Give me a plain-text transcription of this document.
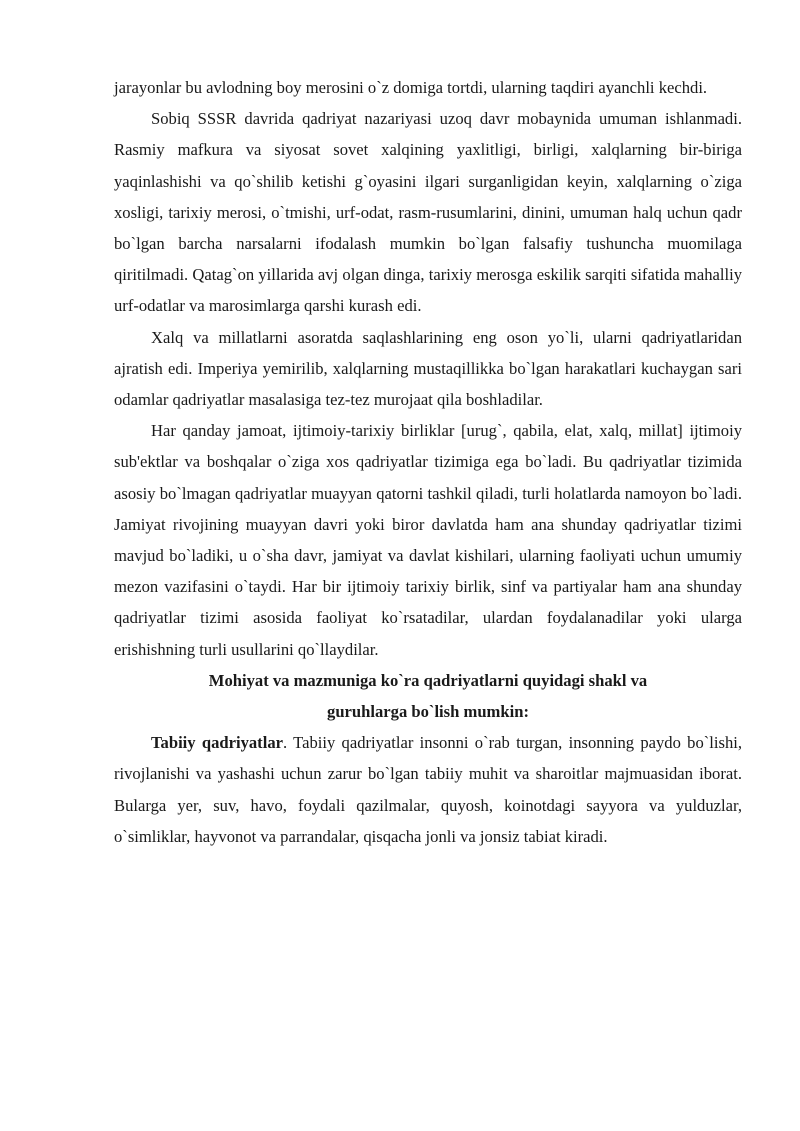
jarayonlar bu avlodning boy merosini o`z domiga tortdi, ularning taqdiri ayanchli kechdi.

Sobiq SSSR davrida qadriyat nazariyasi uzoq davr mobaynida umuman ishlanmadi. Rasmiy mafkura va siyosat sovet xalqining yaxlitligi, birligi, xalqlarning bir-biriga yaqinlashishi va qo`shilib ketishi g`oyasini ilgari surganligidan keyin, xalqlarning o`ziga xosligi, tarixiy merosi, o`tmishi, urf-odat, rasm-rusumlarini, dinini, umuman halq uchun qadr bo`lgan barcha narsalarni ifodalash mumkin bo`lgan falsafiy tushuncha muomilaga qiritilmadi. Qatag`on yillarida avj olgan dinga, tarixiy merosga eskilik sarqiti sifatida mahalliy urf-odatlar va marosimlarga qarshi kurash edi.

Xalq va millatlarni asoratda saqlashlarining eng oson yo`li, ularni qadriyatlaridan ajratish edi. Imperiya yemirilib, xalqlarning mustaqillikka bo`lgan harakatlari kuchaygan sari odamlar qadriyatlar masalasiga tez-tez murojaat qila boshladilar.

Har qanday jamoat, ijtimoiy-tarixiy birliklar [urug`, qabila, elat, xalq, millat] ijtimoiy sub'ektlar va boshqalar o`ziga xos qadriyatlar tizimiga ega bo`ladi. Bu qadriyatlar tizimida asosiy bo`lmagan qadriyatlar muayyan qatorni tashkil qiladi, turli holatlarda namoyon bo`ladi. Jamiyat rivojining muayyan davri yoki biror davlatda ham ana shunday qadriyatlar tizimi mavjud bo`ladiki, u o`sha davr, jamiyat va davlat kishilari, ularning faoliyati uchun umumiy mezon vazifasini o`taydi. Har bir ijtimoiy tarixiy birlik, sinf va partiyalar ham ana shunday qadriyatlar tizimi asosida faoliyat ko`rsatadilar, ulardan foydalanadilar yoki ularga erishishning turli usullarini qo`llaydilar.

Mohiyat va mazmuniga ko`ra qadriyatlarni quyidagi shakl va
guruhlarga bo`lish mumkin:

Tabiiy qadriyatlar. Tabiiy qadriyatlar insonni o`rab turgan, insonning paydo bo`lishi, rivojlanishi va yashashi uchun zarur bo`lgan tabiiy muhit va sharoitlar majmuasidan iborat. Bularga yer, suv, havo, foydali qazilmalar, quyosh, koinotdagi sayyora va yulduzlar, o`simliklar, hayvonot va parrandalar, qisqacha jonli va jonsiz tabiat kiradi.
